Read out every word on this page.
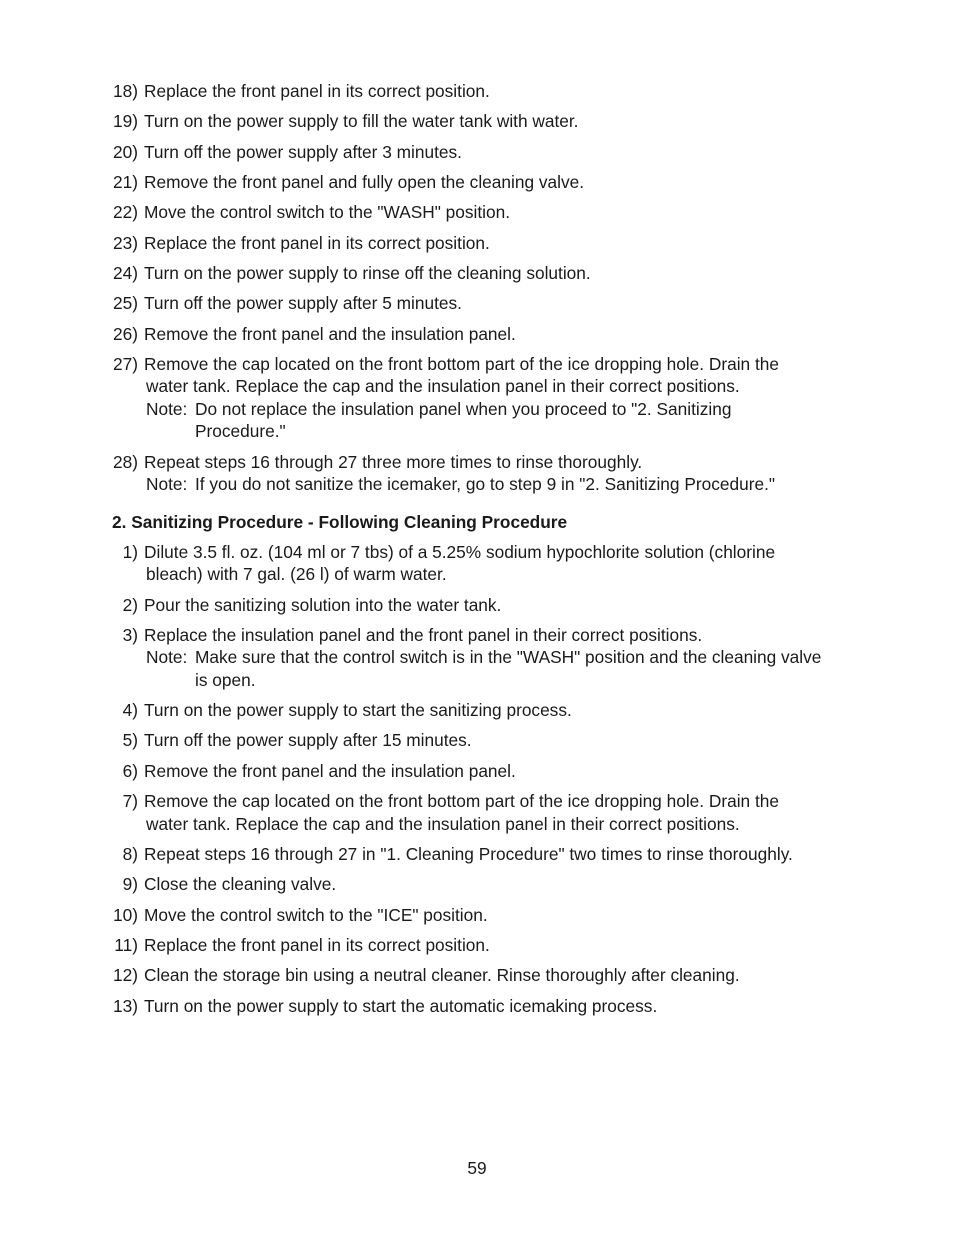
18) Replace the front panel in its correct position.
19) Turn on the power supply to fill the water tank with water.
20) Turn off the power supply after 3 minutes.
21) Remove the front panel and fully open the cleaning valve.
22) Move the control switch to the "WASH" position.
23) Replace the front panel in its correct position.
24) Turn on the power supply to rinse off the cleaning solution.
25) Turn off the power supply after 5 minutes.
26) Remove the front panel and the insulation panel.
27) Remove the cap located on the front bottom part of the ice dropping hole. Drain the
water tank. Replace the cap and the insulation panel in their correct positions.
Note: Do not replace the insulation panel when you proceed to "2. Sanitizing
Procedure."
28) Repeat steps 16 through 27 three more times to rinse thoroughly.
Note: If you do not sanitize the icemaker, go to step 9 in "2. Sanitizing Procedure."
2. Sanitizing Procedure - Following Cleaning Procedure
1) Dilute 3.5 fl. oz. (104 ml or 7 tbs) of a 5.25% sodium hypochlorite solution (chlorine
bleach) with 7 gal. (26 l) of warm water.
2) Pour the sanitizing solution into the water tank.
3) Replace the insulation panel and the front panel in their correct positions.
Note: Make sure that the control switch is in the "WASH" position and the cleaning valve
is open.
4) Turn on the power supply to start the sanitizing process.
5) Turn off the power supply after 15 minutes.
6) Remove the front panel and the insulation panel.
7) Remove the cap located on the front bottom part of the ice dropping hole. Drain the
water tank. Replace the cap and the insulation panel in their correct positions.
8) Repeat steps 16 through 27 in "1. Cleaning Procedure" two times to rinse thoroughly.
9) Close the cleaning valve.
10) Move the control switch to the "ICE" position.
11) Replace the front panel in its correct position.
12) Clean the storage bin using a neutral cleaner. Rinse thoroughly after cleaning.
13) Turn on the power supply to start the automatic icemaking process.
59
